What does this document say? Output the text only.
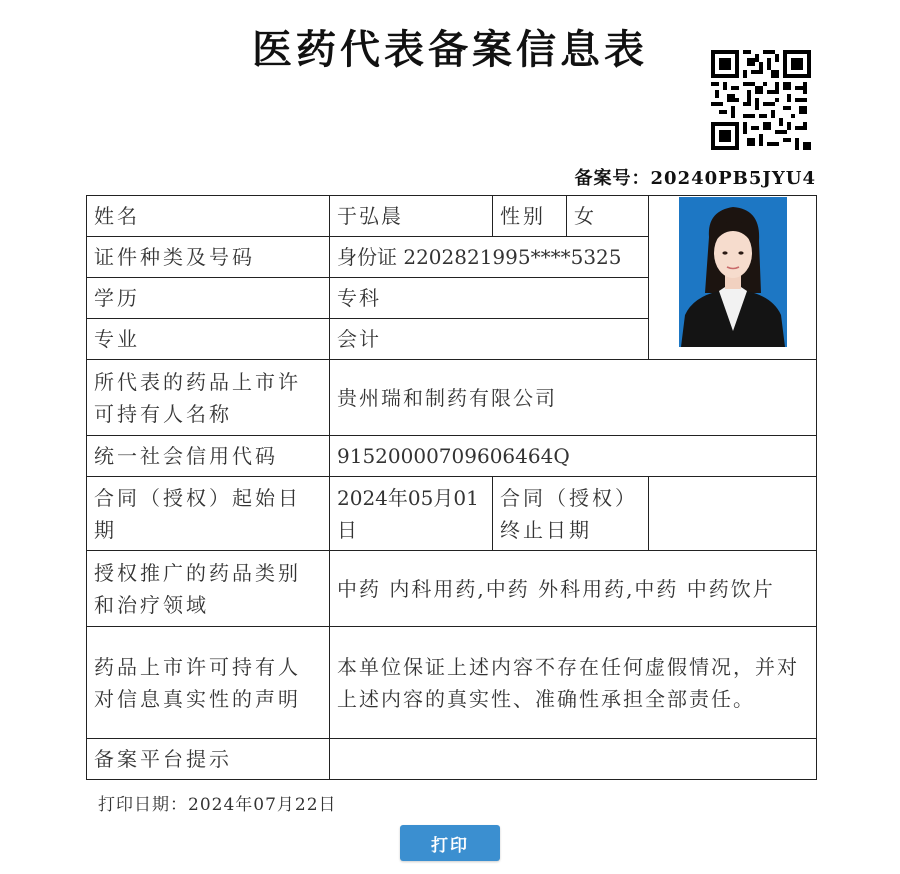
医药代表备案信息表
备案号：20240PB5JYU4
姓名	于弘晨	性别	女	

证件种类及号码	身份证 2202821995****5325			
学历	专科			
专业	会计			
所代表的药品上市许可持有人名称	贵州瑞和制药有限公司			
统一社会信用代码	91520000709606464Q			
合同（授权）起始日期	2024年05月01日	合同（授权）终止日期		
授权推广的药品类别和治疗领域	中药 内科用药,中药 外科用药,中药 中药饮片			
药品上市许可持有人对信息真实性的声明	本单位保证上述内容不存在任何虚假情况，并对上述内容的真实性、准确性承担全部责任。			
备案平台提示				
打印日期：2024年07月22日
打印
